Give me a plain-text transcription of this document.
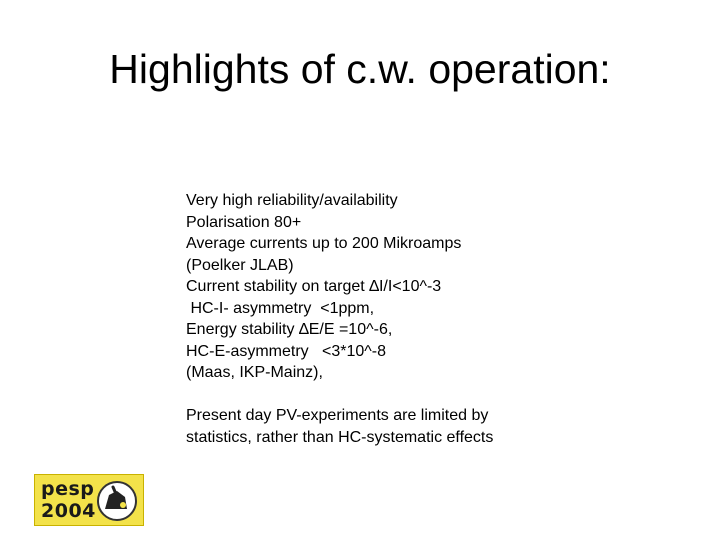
Highlights of c.w. operation:
Very high reliability/availability
Polarisation 80+
Average currents up to 200 Mikroamps
(Poelker JLAB)
Current stability on target ∆I/I<10^-3
HC-I- asymmetry  <1ppm,
Energy stability ∆E/E =10^-6,
HC-E-asymmetry   <3*10^-8
(Maas, IKP-Mainz),
Present day PV-experiments are limited by
statistics, rather than HC-systematic effects
pesp
2004
